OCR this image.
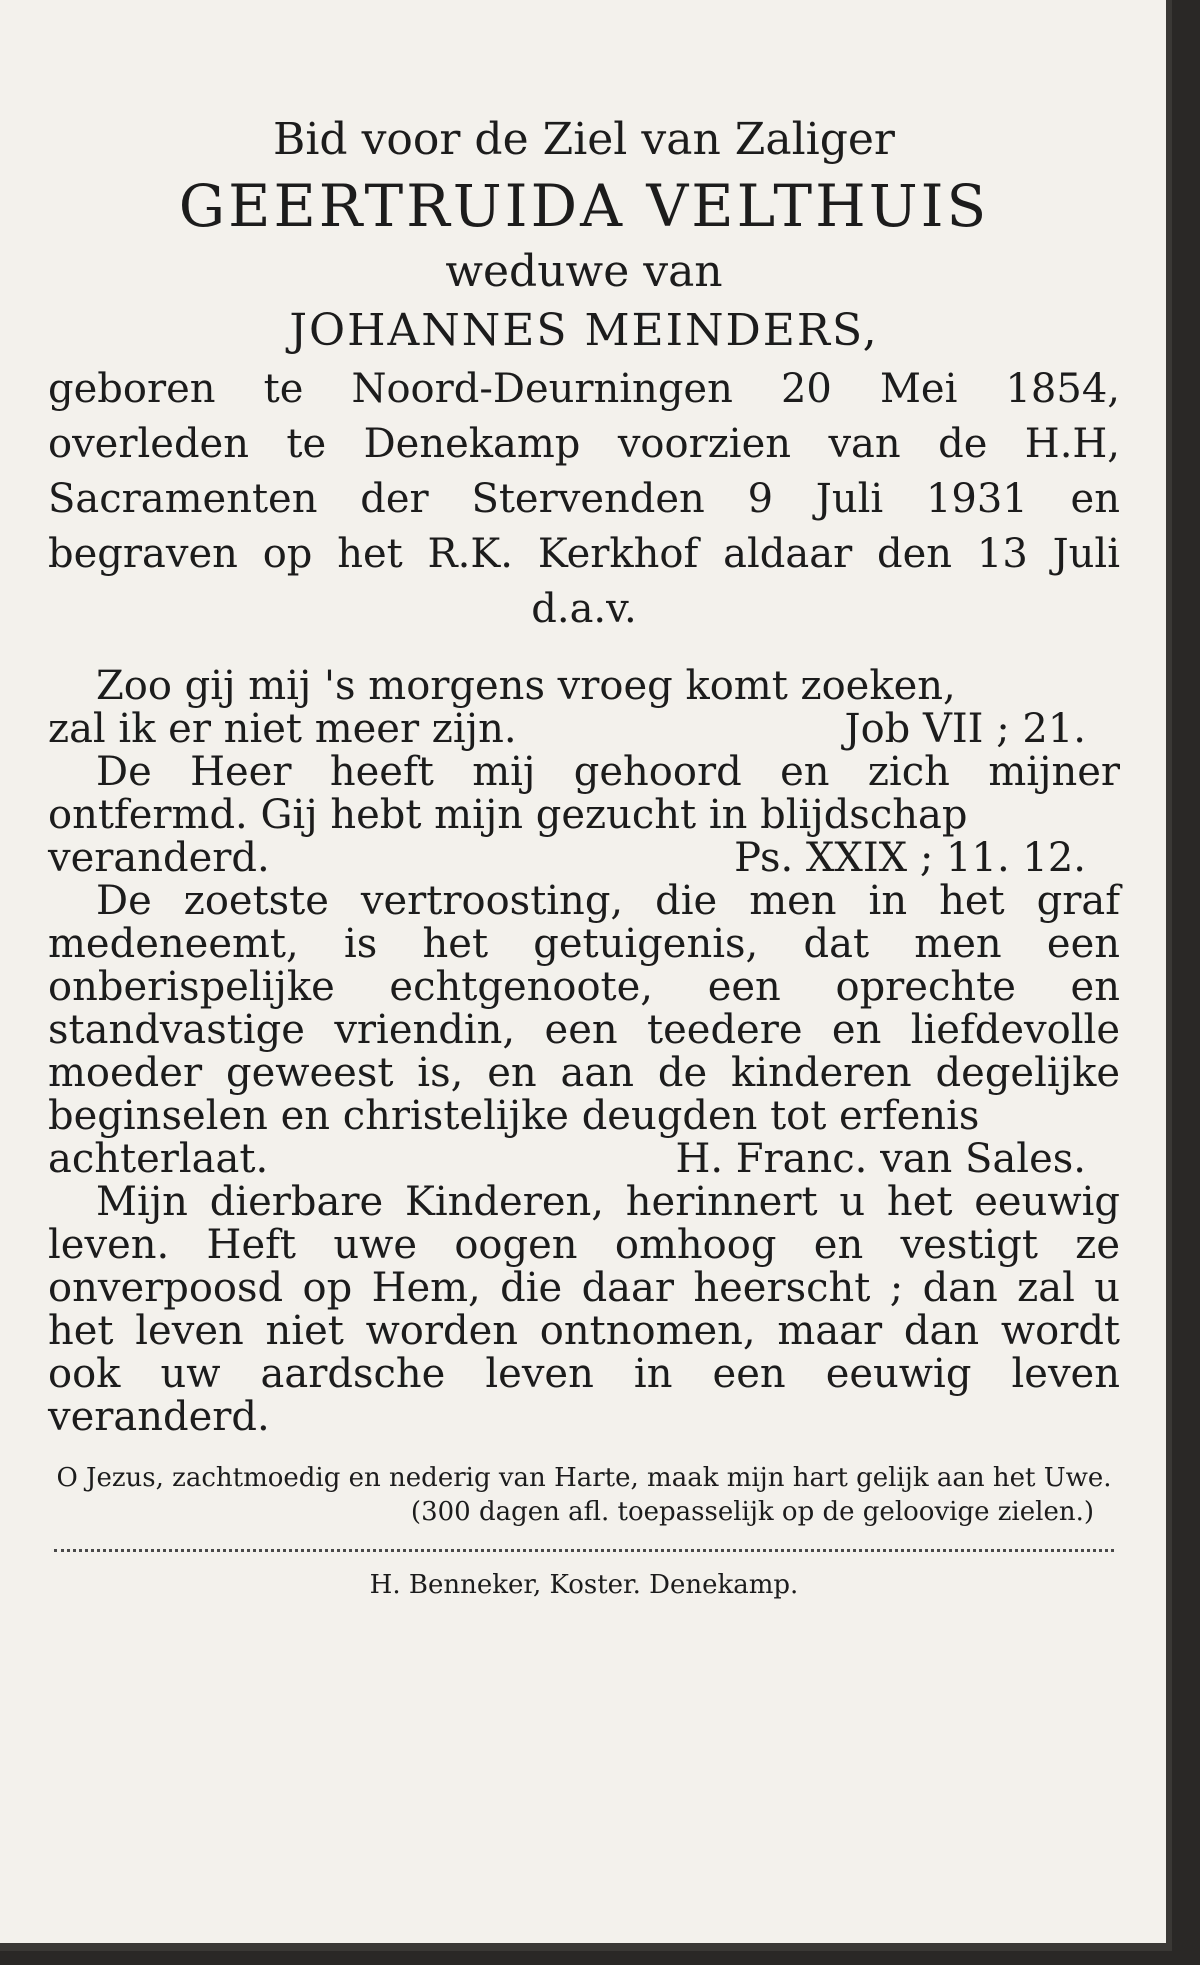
Bid voor de Ziel van Zaliger
GEERTRUIDA VELTHUIS
weduwe van
JOHANNES MEINDERS,
geboren te Noord-Deurningen 20 Mei 1854, overleden te Denekamp voorzien van de H.H, Sacramenten der Stervenden 9 Juli 1931 en begraven op het R.K. Kerkhof aldaar den 13 Juli d.a.v.

Zoo gij mij 's morgens vroeg komt zoeken,

zal ik er niet meer zijn.	Job VII ; 21.

De Heer heeft mij gehoord en zich mijner ontfermd. Gij hebt mijn gezucht in blijdschap

veranderd.	Ps. XXIX ; 11. 12.

De zoetste vertroosting, die men in het graf medeneemt, is het getuigenis, dat men een onberispelijke echtgenoote, een oprechte en standvastige vriendin, een teedere en liefdevolle moeder geweest is, en aan de kinderen degelijke beginselen en christelijke deugden tot erfenis

achterlaat.	H. Franc. van Sales.

Mijn dierbare Kinderen, herinnert u het eeuwig leven. Heft uwe oogen omhoog en vestigt ze onverpoosd op Hem, die daar heerscht ; dan zal u het leven niet worden ontnomen, maar dan wordt ook uw aardsche leven in een eeuwig leven veranderd.

O Jezus, zachtmoedig en nederig van Harte, maak mijn hart gelijk aan het Uwe.
(300 dagen afl. toepasselijk op de geloovige zielen.)
H. Benneker, Koster. Denekamp.
